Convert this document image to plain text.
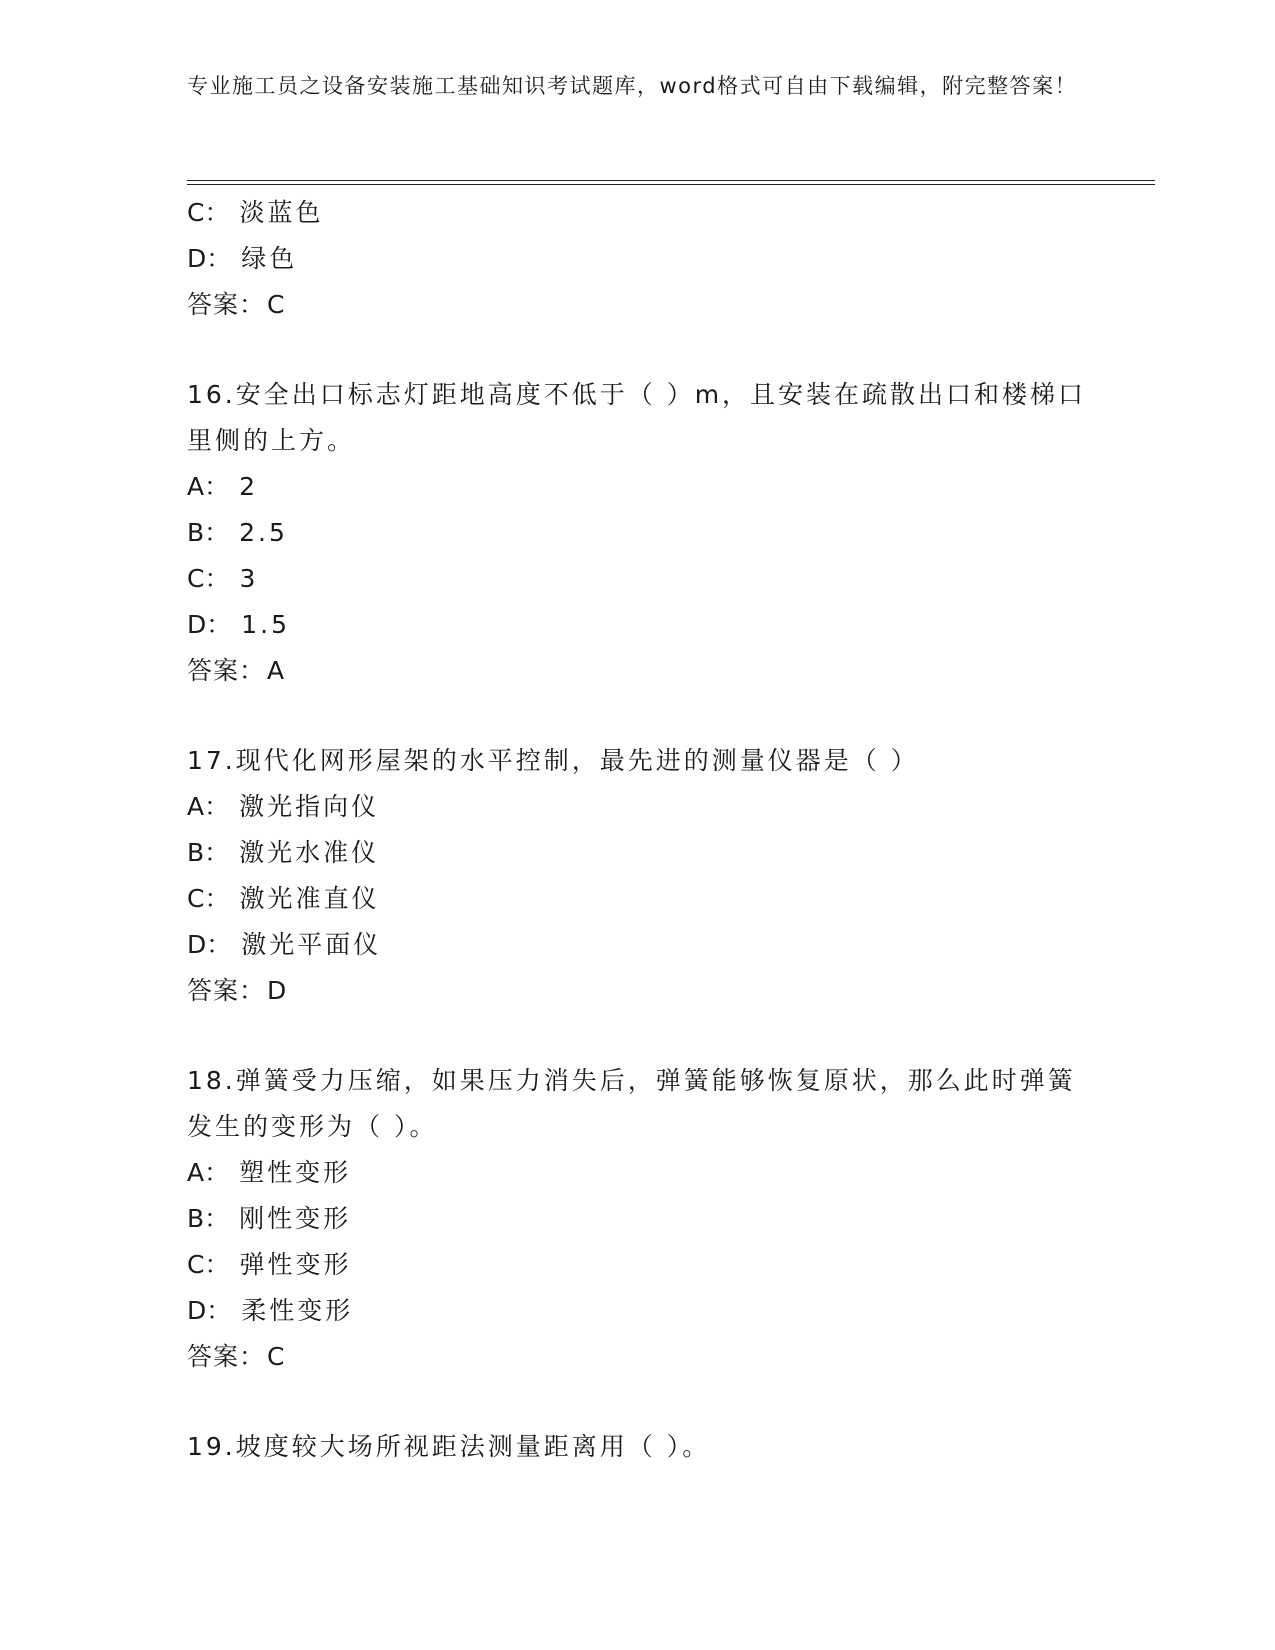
专业施工员之设备安装施工基础知识考试题库，word格式可自由下载编辑，附完整答案！
C： 淡蓝色
D： 绿色
答案：C
16.安全出口标志灯距地高度不低于（ ）m，且安装在疏散出口和楼梯口里侧的上方。
A： 2
B： 2.5
C： 3
D： 1.5
答案：A
17.现代化网形屋架的水平控制，最先进的测量仪器是（ ）
A： 激光指向仪
B： 激光水准仪
C： 激光准直仪
D： 激光平面仪
答案：D
18.弹簧受力压缩，如果压力消失后，弹簧能够恢复原状，那么此时弹簧发生的变形为（ ）。
A： 塑性变形
B： 刚性变形
C： 弹性变形
D： 柔性变形
答案：C
19.坡度较大场所视距法测量距离用（ ）。
